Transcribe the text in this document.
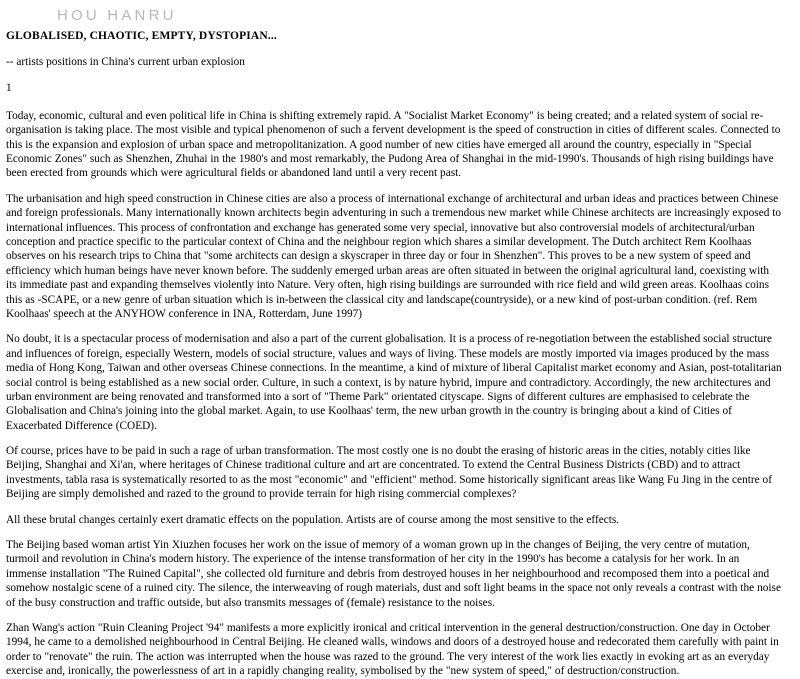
HOU HANRU
GLOBALISED, CHAOTIC, EMPTY, DYSTOPIAN...
-- artists positions in China's current urban explosion
1

Today, economic, cultural and even political life in China is shifting extremely rapid. A "Socialist Market Economy" is being created; and a related system of social re-organisation is taking place. The most visible and typical phenomenon of such a fervent development is the speed of construction in cities of different scales. Connected to this is the expansion and explosion of urban space and metropolitanization. A good number of new cities have emerged all around the country, especially in "Special Economic Zones" such as Shenzhen, Zhuhai in the 1980's and most remarkably, the Pudong Area of Shanghai in the mid-1990's. Thousands of high rising buildings have been erected from grounds which were agricultural fields or abandoned land until a very recent past.

The urbanisation and high speed construction in Chinese cities are also a process of international exchange of architectural and urban ideas and practices between Chinese and foreign professionals. Many internationally known architects begin adventuring in such a tremendous new market while Chinese architects are increasingly exposed to international influences. This process of confrontation and exchange has generated some very special, innovative but also controversial models of architectural/urban conception and practice specific to the particular context of China and the neighbour region which shares a similar development. The Dutch architect Rem Koolhaas observes on his research trips to China that "some architects can design a skyscraper in three day or four in Shenzhen". This proves to be a new system of speed and efficiency which human beings have never known before. The suddenly emerged urban areas are often situated in between the original agricultural land, coexisting with its immediate past and expanding themselves violently into Nature. Very often, high rising buildings are surrounded with rice field and wild green areas. Koolhaas coins this as -SCAPE, or a new genre of urban situation which is in-between the classical city and landscape(countryside), or a new kind of post-urban condition. (ref. Rem Koolhaas' speech at the ANYHOW conference in INA, Rotterdam, June 1997)

No doubt, it is a spectacular process of modernisation and also a part of the current globalisation. It is a process of re-negotiation between the established social structure and influences of foreign, especially Western, models of social structure, values and ways of living. These models are mostly imported via images produced by the mass media of Hong Kong, Taiwan and other overseas Chinese connections. In the meantime, a kind of mixture of liberal Capitalist market economy and Asian, post-totalitarian social control is being established as a new social order. Culture, in such a context, is by nature hybrid, impure and contradictory. Accordingly, the new architectures and urban environment are being renovated and transformed into a sort of "Theme Park" orientated cityscape. Signs of different cultures are emphasised to celebrate the Globalisation and China's joining into the global market. Again, to use Koolhaas' term, the new urban growth in the country is bringing about a kind of Cities of Exacerbated Difference (COED).

Of course, prices have to be paid in such a rage of urban transformation. The most costly one is no doubt the erasing of historic areas in the cities, notably cities like Beijing, Shanghai and Xi'an, where heritages of Chinese traditional culture and art are concentrated. To extend the Central Business Districts (CBD) and to attract investments, tabla rasa is systematically resorted to as the most "economic" and "efficient" method. Some historically significant areas like Wang Fu Jing in the centre of Beijing are simply demolished and razed to the ground to provide terrain for high rising commercial complexes?

All these brutal changes certainly exert dramatic effects on the population. Artists are of course among the most sensitive to the effects.

The Beijing based woman artist Yin Xiuzhen focuses her work on the issue of memory of a woman grown up in the changes of Beijing, the very centre of mutation, turmoil and revolution in China's modern history. The experience of the intense transformation of her city in the 1990's has become a catalysis for her work. In an immense installation "The Ruined Capital", she collected old furniture and debris from destroyed houses in her neighbourhood and recomposed them into a poetical and somehow nostalgic scene of a ruined city. The silence, the interweaving of rough materials, dust and soft light beams in the space not only reveals a contrast with the noise of the busy construction and traffic outside, but also transmits messages of (female) resistance to the noises.

Zhan Wang's action "Ruin Cleaning Project '94" manifests a more explicitly ironical and critical intervention in the general destruction/construction. One day in October 1994, he came to a demolished neighbourhood in Central Beijing. He cleaned walls, windows and doors of a destroyed house and redecorated them carefully with paint in order to "renovate" the ruin. The action was interrupted when the house was razed to the ground. The very interest of the work lies exactly in evoking art as an everyday exercise and, ironically, the powerlessness of art in a rapidly changing reality, symbolised by the "new system of speed," of destruction/construction.
